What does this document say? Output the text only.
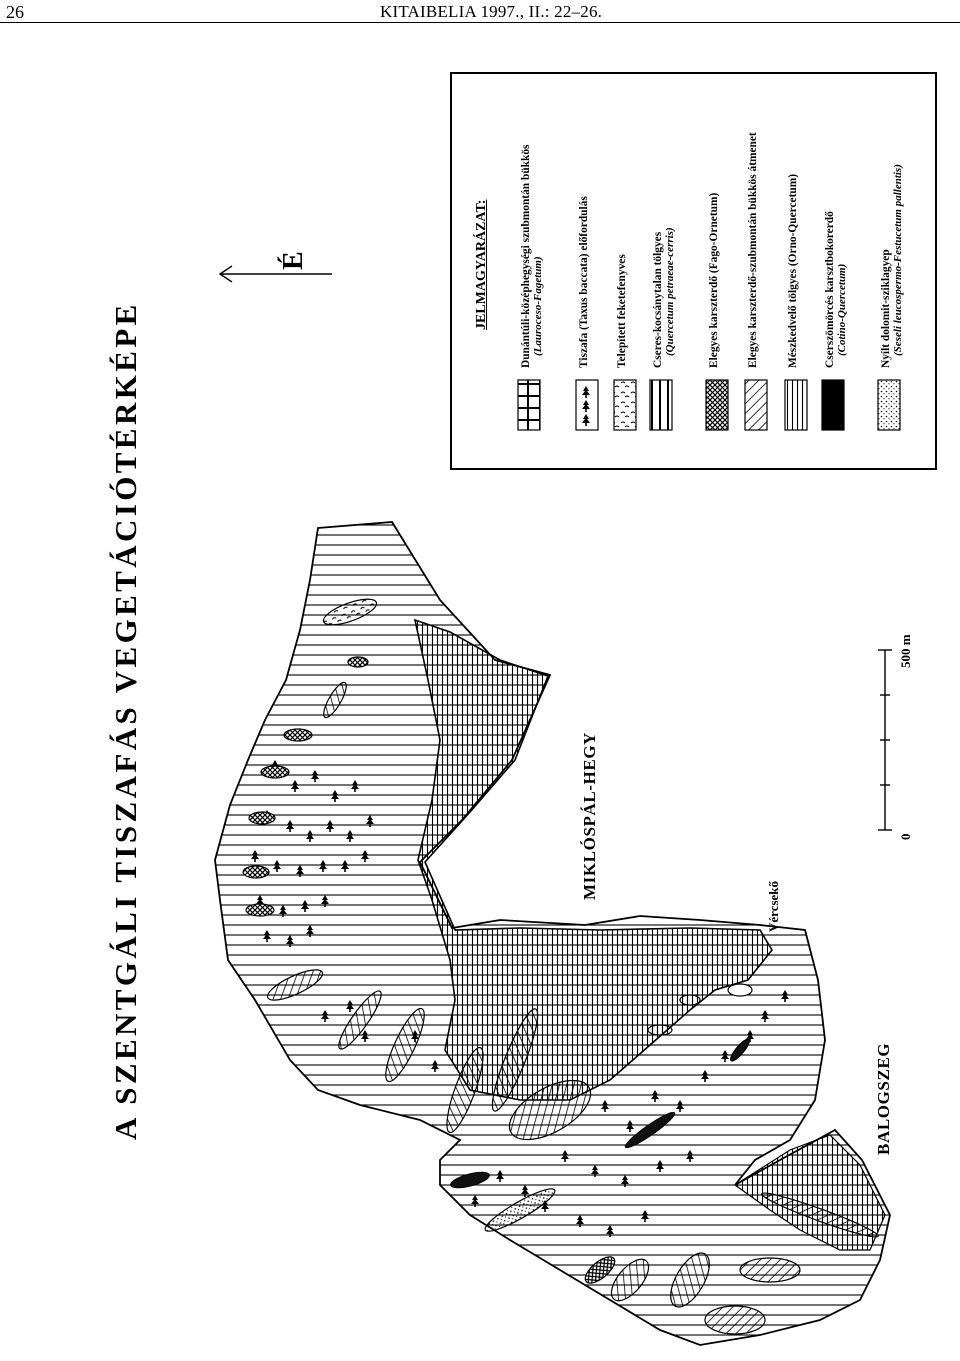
26	KITAIBELIA 1997., II.: 22–26.
A SZENTGÁLI TISZAFÁS VEGETÁCIÓTÉRKÉPE
É
MIKLÓSPÁL-HEGY
BALOGSZEG
Vércsekő
0
500 m
JELMAGYARÁZAT:	Dunántúli-középhegységi szubmontán bükkös (Lauroceso-Fagetum)	Tiszafa (Taxus baccata) előfordulás Telepített feketefenyves Cseres-kocsánytalan tölgyes (Quercetum petraeae-cerris)	Elegyes karszterdő (Fago-Ornetum) Elegyes karszterdő-szubmontán bükkös átmenet Mészkedvelő tölgyes (Orno-Quercetum) Cserszömörcés karsztbokorerdő (Cotino-Quercetum)	Nyílt dolomit-sziklagyep (Seseli leucospermo-Festucetum pallentis)
